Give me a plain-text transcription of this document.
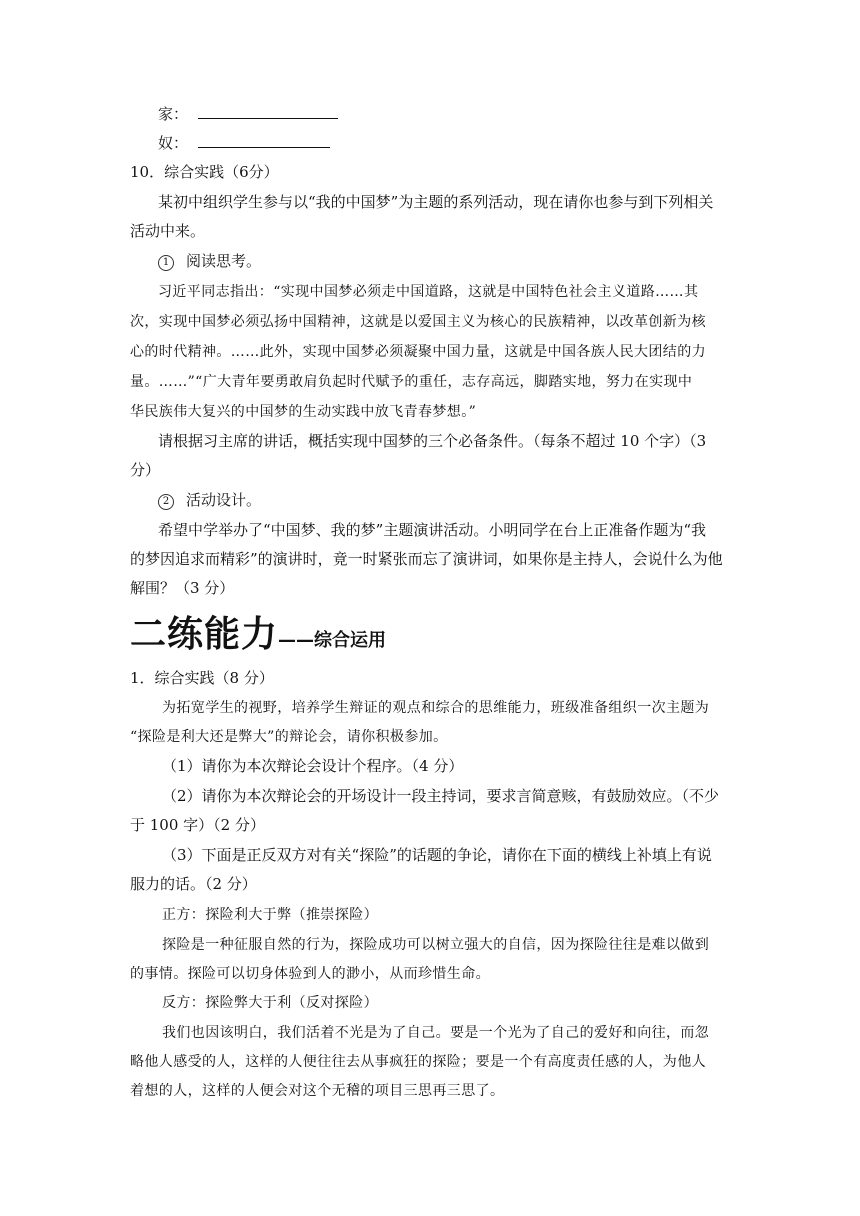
家：
奴：
10．综合实践（6分）
某初中组织学生参与以“我的中国梦”为主题的系列活动，现在请你也参与到下列相关
活动中来。
1 阅读思考。
习近平同志指出：“实现中国梦必须走中国道路，这就是中国特色社会主义道路……其
次，实现中国梦必须弘扬中国精神，这就是以爱国主义为核心的民族精神，以改革创新为核
心的时代精神。……此外，实现中国梦必须凝聚中国力量，这就是中国各族人民大团结的力
量。……”“广大青年要勇敢肩负起时代赋予的重任，志存高远，脚踏实地，努力在实现中
华民族伟大复兴的中国梦的生动实践中放飞青春梦想。”
请根据习主席的讲话，概括实现中国梦的三个必备条件。（每条不超过 10 个字）（3
分）
2 活动设计。
希望中学举办了“中国梦、我的梦”主题演讲活动。小明同学在台上正准备作题为“我
的梦因追求而精彩”的演讲时，竟一时紧张而忘了演讲词，如果你是主持人，会说什么为他
解围？（3 分）
二练能力——综合运用
1．综合实践（8 分）
为拓宽学生的视野，培养学生辩证的观点和综合的思维能力，班级准备组织一次主题为
“探险是利大还是弊大”的辩论会，请你积极参加。
（1）请你为本次辩论会设计个程序。（4 分）
（2）请你为本次辩论会的开场设计一段主持词，要求言简意赅，有鼓励效应。（不少
于 100 字）（2 分）
（3）下面是正反双方对有关“探险”的话题的争论，请你在下面的横线上补填上有说
服力的话。（2 分）
正方：探险利大于弊（推崇探险）
探险是一种征服自然的行为，探险成功可以树立强大的自信，因为探险往往是难以做到
的事情。探险可以切身体验到人的渺小，从而珍惜生命。
反方：探险弊大于利（反对探险）
我们也因该明白，我们活着不光是为了自己。要是一个光为了自己的爱好和向往，而忽
略他人感受的人，这样的人便往往去从事疯狂的探险；要是一个有高度责任感的人，为他人
着想的人，这样的人便会对这个无稽的项目三思再三思了。
